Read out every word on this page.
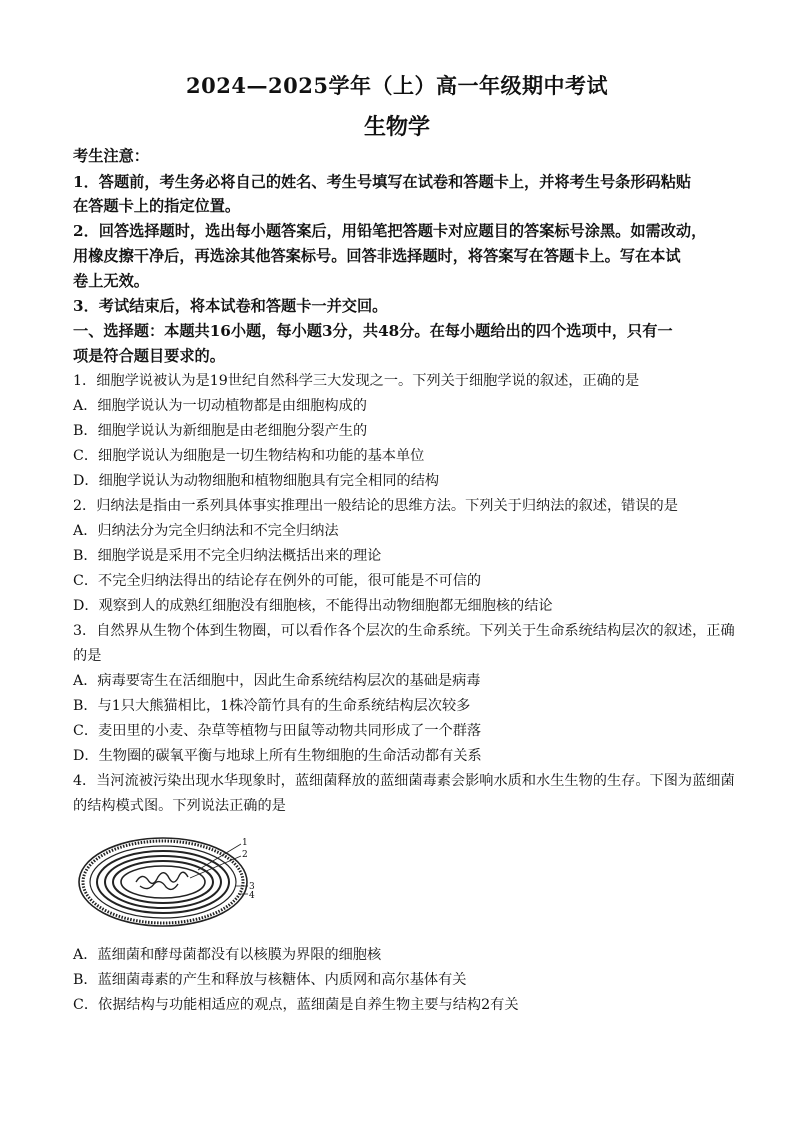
2024—2025学年（上）高一年级期中考试
生物学
考生注意：
1．答题前，考生务必将自己的姓名、考生号填写在试卷和答题卡上，并将考生号条形码粘贴
在答题卡上的指定位置。
2．回答选择题时，选出每小题答案后，用铅笔把答题卡对应题目的答案标号涂黑。如需改动，
用橡皮擦干净后，再选涂其他答案标号。回答非选择题时，将答案写在答题卡上。写在本试
卷上无效。
3．考试结束后，将本试卷和答题卡一并交回。
一、选择题：本题共16小题，每小题3分，共48分。在每小题给出的四个选项中，只有一
项是符合题目要求的。
1．细胞学说被认为是19世纪自然科学三大发现之一。下列关于细胞学说的叙述，正确的是
A．细胞学说认为一切动植物都是由细胞构成的
B．细胞学说认为新细胞是由老细胞分裂产生的
C．细胞学说认为细胞是一切生物结构和功能的基本单位
D．细胞学说认为动物细胞和植物细胞具有完全相同的结构
2．归纳法是指由一系列具体事实推理出一般结论的思维方法。下列关于归纳法的叙述，错误的是
A．归纳法分为完全归纳法和不完全归纳法
B．细胞学说是采用不完全归纳法概括出来的理论
C．不完全归纳法得出的结论存在例外的可能，很可能是不可信的
D．观察到人的成熟红细胞没有细胞核，不能得出动物细胞都无细胞核的结论
3．自然界从生物个体到生物圈，可以看作各个层次的生命系统。下列关于生命系统结构层次的叙述，正确
的是
A．病毒要寄生在活细胞中，因此生命系统结构层次的基础是病毒
B．与1只大熊猫相比，1株冷箭竹具有的生命系统结构层次较多
C．麦田里的小麦、杂草等植物与田鼠等动物共同形成了一个群落
D．生物圈的碳氧平衡与地球上所有生物细胞的生命活动都有关系
4．当河流被污染出现水华现象时，蓝细菌释放的蓝细菌毒素会影响水质和水生生物的生存。下图为蓝细菌
的结构模式图。下列说法正确的是
1
2
3
4
A．蓝细菌和酵母菌都没有以核膜为界限的细胞核
B．蓝细菌毒素的产生和释放与核糖体、内质网和高尔基体有关
C．依据结构与功能相适应的观点，蓝细菌是自养生物主要与结构2有关
